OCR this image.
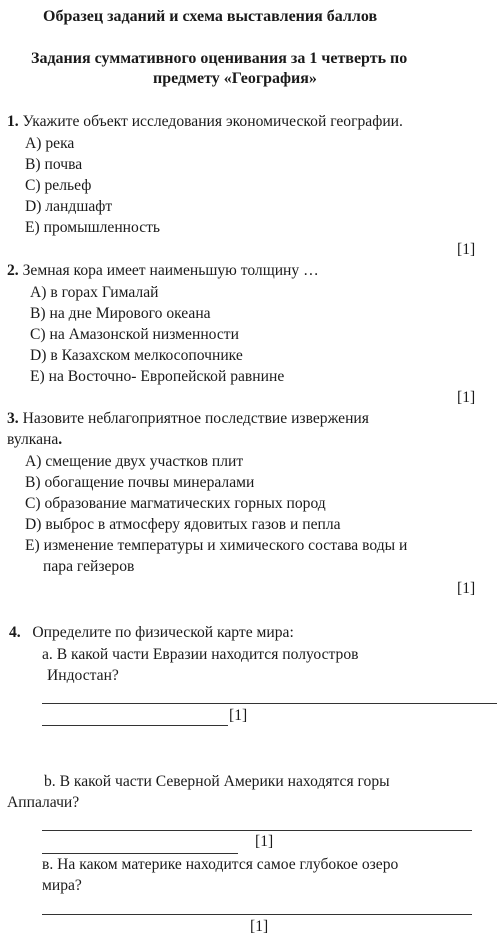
Образец заданий и схема выставления баллов
Задания суммативного оценивания за 1 четверть по
предмету «География»
1. Укажите объект исследования экономической географии.
A) река
B) почва
C) рельеф
D) ландшафт
E) промышленность
[1]
2. Земная кора имеет наименьшую толщину …
A) в горах Гималай
B) на дне Мирового океана
C) на Амазонской низменности
D) в Казахском мелкосопочнике
E) на Восточно- Европейской равнине
[1]
3. Назовите неблагоприятное последствие извержения
вулкана.
A) смещение двух участков плит
B) обогащение почвы минералами
C) образование магматических горных пород
D) выброс в атмосферу ядовитых газов и пепла
E) изменение температуры и химического состава воды и
пара гейзеров
[1]
4. Определите по физической карте мира:
a. В какой части Евразии находится полуостров
Индостан?
[1]
b. В какой части Северной Америки находятся горы
Аппалачи?
[1]
в. На каком материке находится самое глубокое озеро
мира?
[1]
